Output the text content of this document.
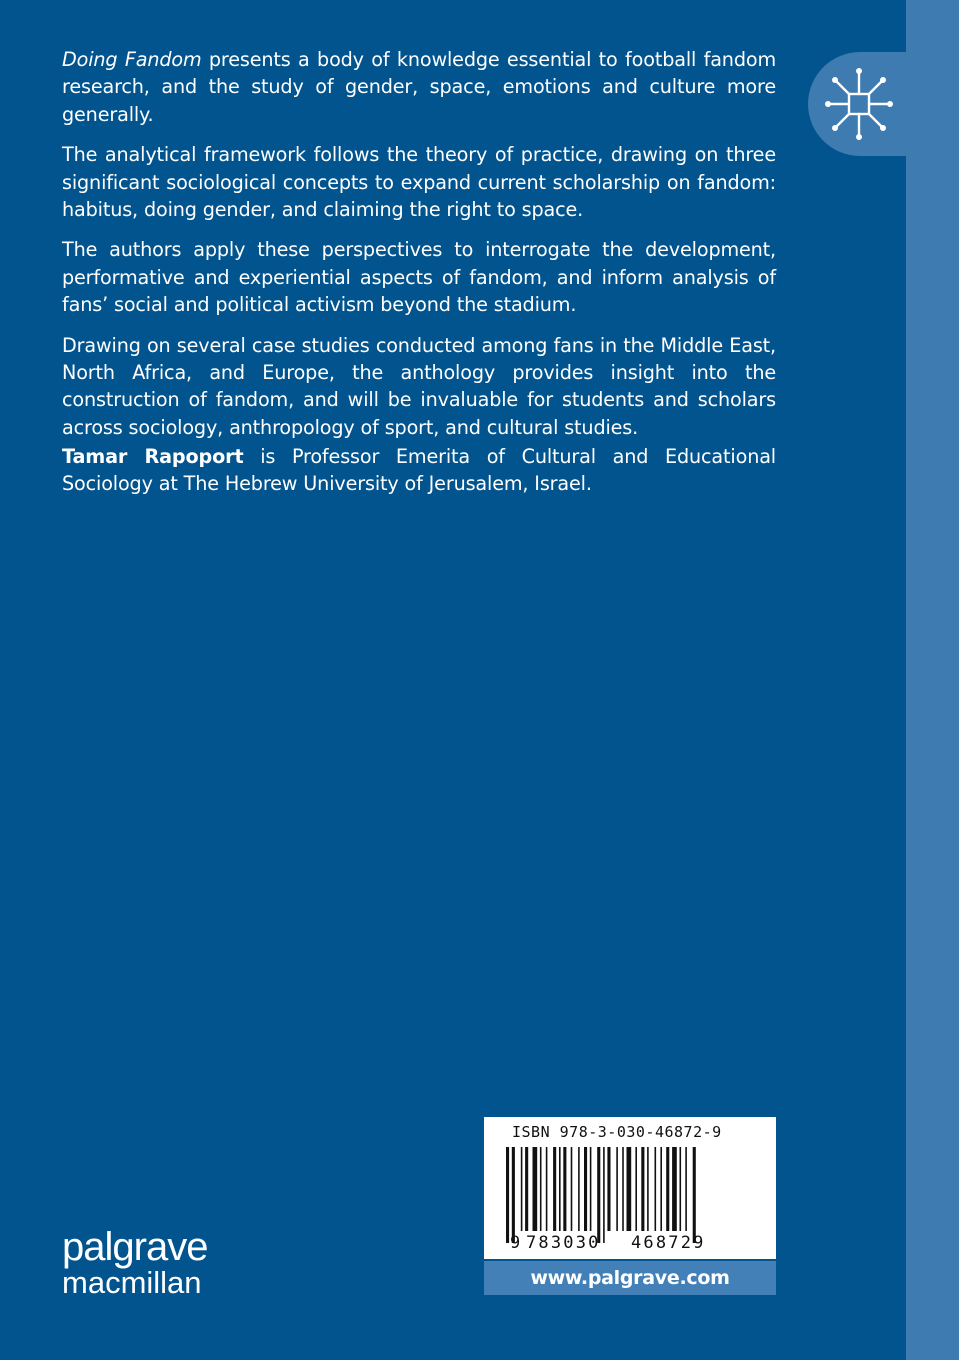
Doing Fandom presents a body of knowledge essential to football fandom research, and the study of gender, space, emotions and culture more generally.

The analytical framework follows the theory of practice, drawing on three significant sociological concepts to expand current scholarship on fandom: habitus, doing gender, and claiming the right to space.

The authors apply these perspectives to interrogate the development, performative and experiential aspects of fandom, and inform analysis of fans’ social and political activism beyond the stadium.

Drawing on several case studies conducted among fans in the Middle East, North Africa, and Europe, the anthology provides insight into the construction of fandom, and will be invaluable for students and scholars across sociology, anthropology of sport, and cultural studies.

Tamar Rapoport is Professor Emerita of Cultural and Educational Sociology at The Hebrew University of Jerusalem, Israel.

ISBN 978-3-030-46872-9
9 783030 468729
www.palgrave.com
palgrave
macmillan
